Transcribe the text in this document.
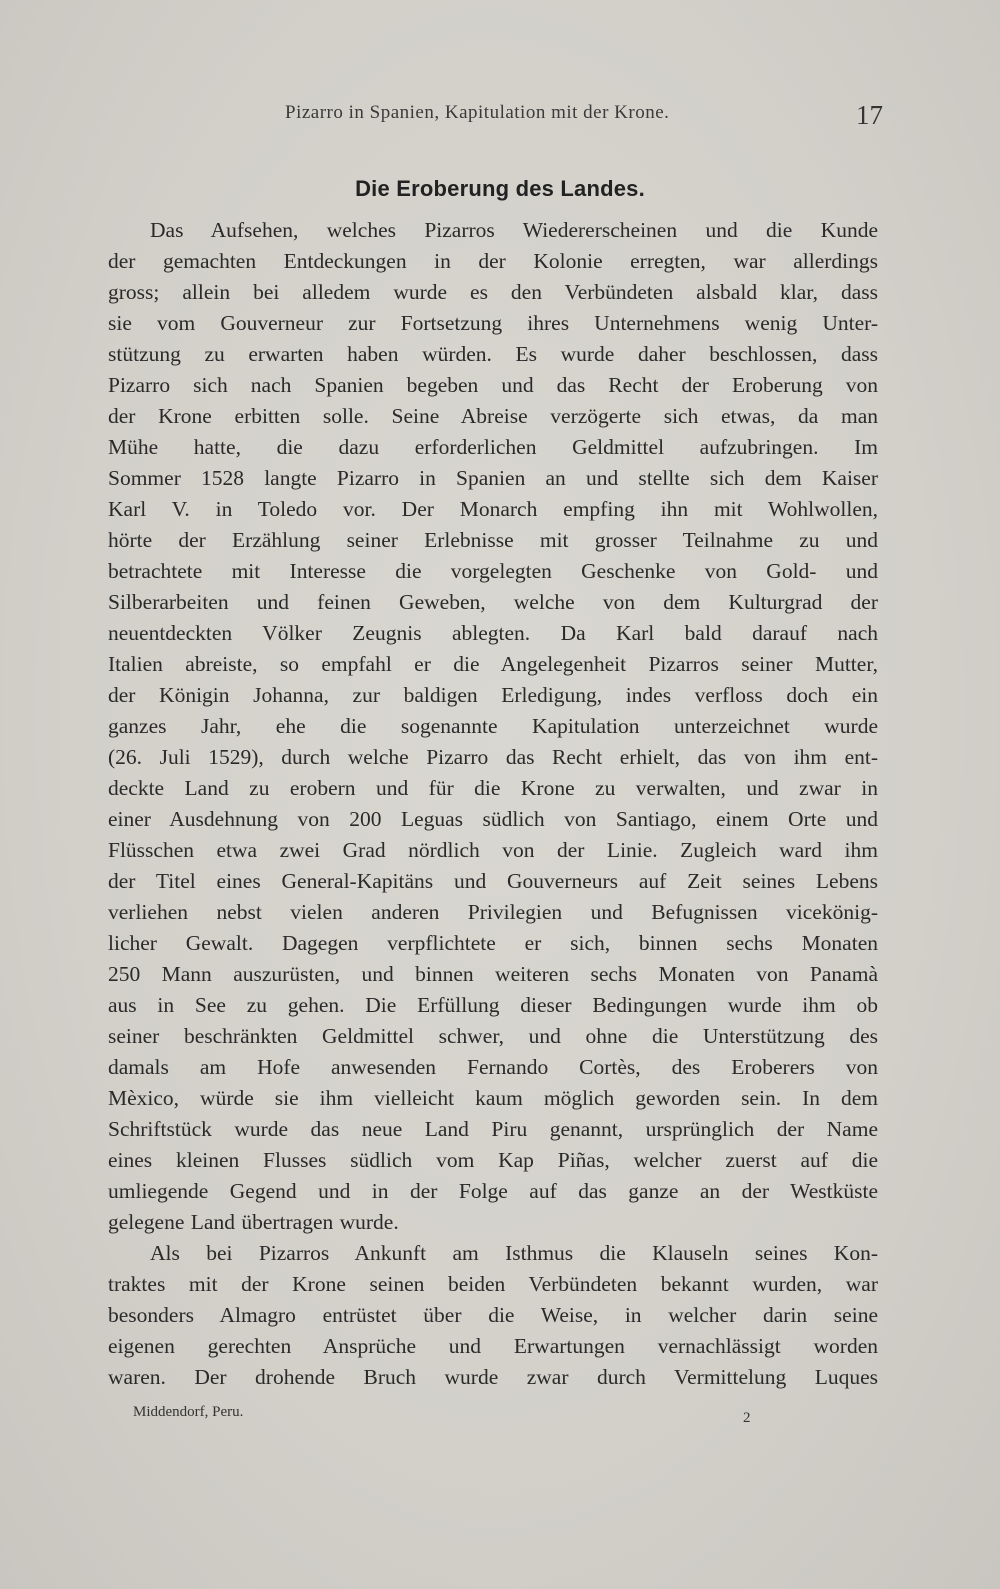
Pizarro in Spanien, Kapitulation mit der Krone.	17
Die Eroberung des Landes.
Das Aufsehen, welches Pizarros Wiedererscheinen und die Kunde
der gemachten Entdeckungen in der Kolonie erregten, war allerdings
gross; allein bei alledem wurde es den Verbündeten alsbald klar, dass
sie vom Gouverneur zur Fortsetzung ihres Unternehmens wenig Unter-
stützung zu erwarten haben würden. Es wurde daher beschlossen, dass
Pizarro sich nach Spanien begeben und das Recht der Eroberung von
der Krone erbitten solle. Seine Abreise verzögerte sich etwas, da man
Mühe hatte, die dazu erforderlichen Geldmittel aufzubringen. Im
Sommer 1528 langte Pizarro in Spanien an und stellte sich dem Kaiser
Karl V. in Toledo vor. Der Monarch empfing ihn mit Wohlwollen,
hörte der Erzählung seiner Erlebnisse mit grosser Teilnahme zu und
betrachtete mit Interesse die vorgelegten Geschenke von Gold- und
Silberarbeiten und feinen Geweben, welche von dem Kulturgrad der
neuentdeckten Völker Zeugnis ablegten. Da Karl bald darauf nach
Italien abreiste, so empfahl er die Angelegenheit Pizarros seiner Mutter,
der Königin Johanna, zur baldigen Erledigung, indes verfloss doch ein
ganzes Jahr, ehe die sogenannte Kapitulation unterzeichnet wurde
(26. Juli 1529), durch welche Pizarro das Recht erhielt, das von ihm ent-
deckte Land zu erobern und für die Krone zu verwalten, und zwar in
einer Ausdehnung von 200 Leguas südlich von Santiago, einem Orte und
Flüsschen etwa zwei Grad nördlich von der Linie. Zugleich ward ihm
der Titel eines General-Kapitäns und Gouverneurs auf Zeit seines Lebens
verliehen nebst vielen anderen Privilegien und Befugnissen vicekönig-
licher Gewalt. Dagegen verpflichtete er sich, binnen sechs Monaten
250 Mann auszurüsten, und binnen weiteren sechs Monaten von Panamà
aus in See zu gehen. Die Erfüllung dieser Bedingungen wurde ihm ob
seiner beschränkten Geldmittel schwer, und ohne die Unterstützung des
damals am Hofe anwesenden Fernando Cortès, des Eroberers von
Mèxico, würde sie ihm vielleicht kaum möglich geworden sein. In dem
Schriftstück wurde das neue Land Piru genannt, ursprünglich der Name
eines kleinen Flusses südlich vom Kap Piñas, welcher zuerst auf die
umliegende Gegend und in der Folge auf das ganze an der Westküste
gelegene Land übertragen wurde.
Als bei Pizarros Ankunft am Isthmus die Klauseln seines Kon-
traktes mit der Krone seinen beiden Verbündeten bekannt wurden, war
besonders Almagro entrüstet über die Weise, in welcher darin seine
eigenen gerechten Ansprüche und Erwartungen vernachlässigt worden
waren. Der drohende Bruch wurde zwar durch Vermittelung Luques
Middendorf, Peru.	2
